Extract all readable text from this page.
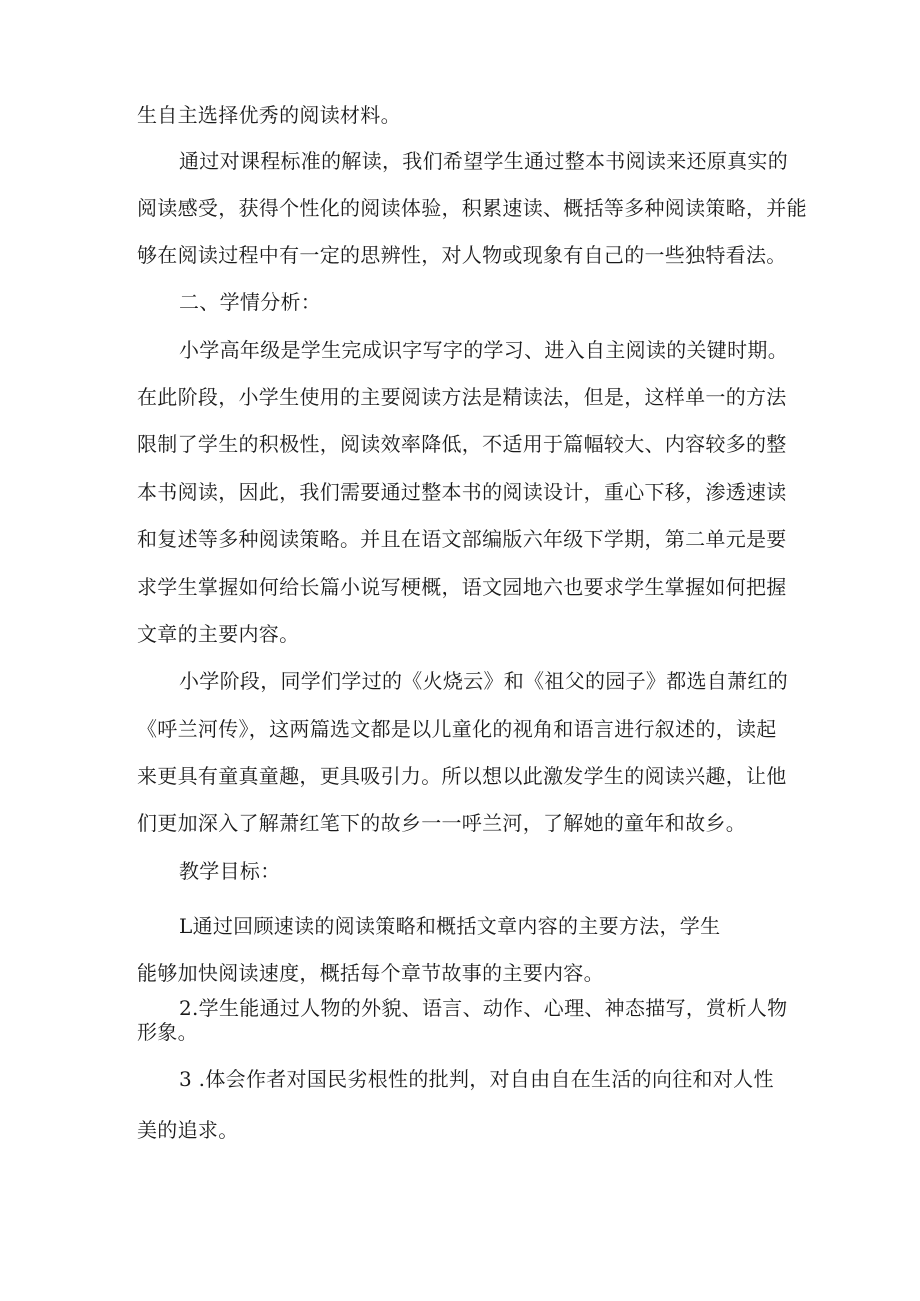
生自主选择优秀的阅读材料。
通过对课程标准的解读，我们希望学生通过整本书阅读来还原真实的
阅读感受，获得个性化的阅读体验，积累速读、概括等多种阅读策略，并能
够在阅读过程中有一定的思辨性，对人物或现象有自己的一些独特看法。
二、学情分析：
小学高年级是学生完成识字写字的学习、进入自主阅读的关键时期。
在此阶段，小学生使用的主要阅读方法是精读法，但是，这样单一的方法
限制了学生的积极性，阅读效率降低，不适用于篇幅较大、内容较多的整
本书阅读，因此，我们需要通过整本书的阅读设计，重心下移，渗透速读
和复述等多种阅读策略。并且在语文部编版六年级下学期，第二单元是要
求学生掌握如何给长篇小说写梗概，语文园地六也要求学生掌握如何把握
文章的主要内容。
小学阶段，同学们学过的《火烧云》和《祖父的园子》都选自萧红的
《呼兰河传》，这两篇选文都是以儿童化的视角和语言进行叙述的，读起
来更具有童真童趣，更具吸引力。所以想以此激发学生的阅读兴趣，让他
们更加深入了解萧红笔下的故乡一一呼兰河，了解她的童年和故乡。
教学目标：
L通过回顾速读的阅读策略和概括文章内容的主要方法，学生
能够加快阅读速度，概括每个章节故事的主要内容。
2.学生能通过人物的外貌、语言、动作、心理、神态描写，赏析人物
形象。
3 .体会作者对国民劣根性的批判，对自由自在生活的向往和对人性
美的追求。
